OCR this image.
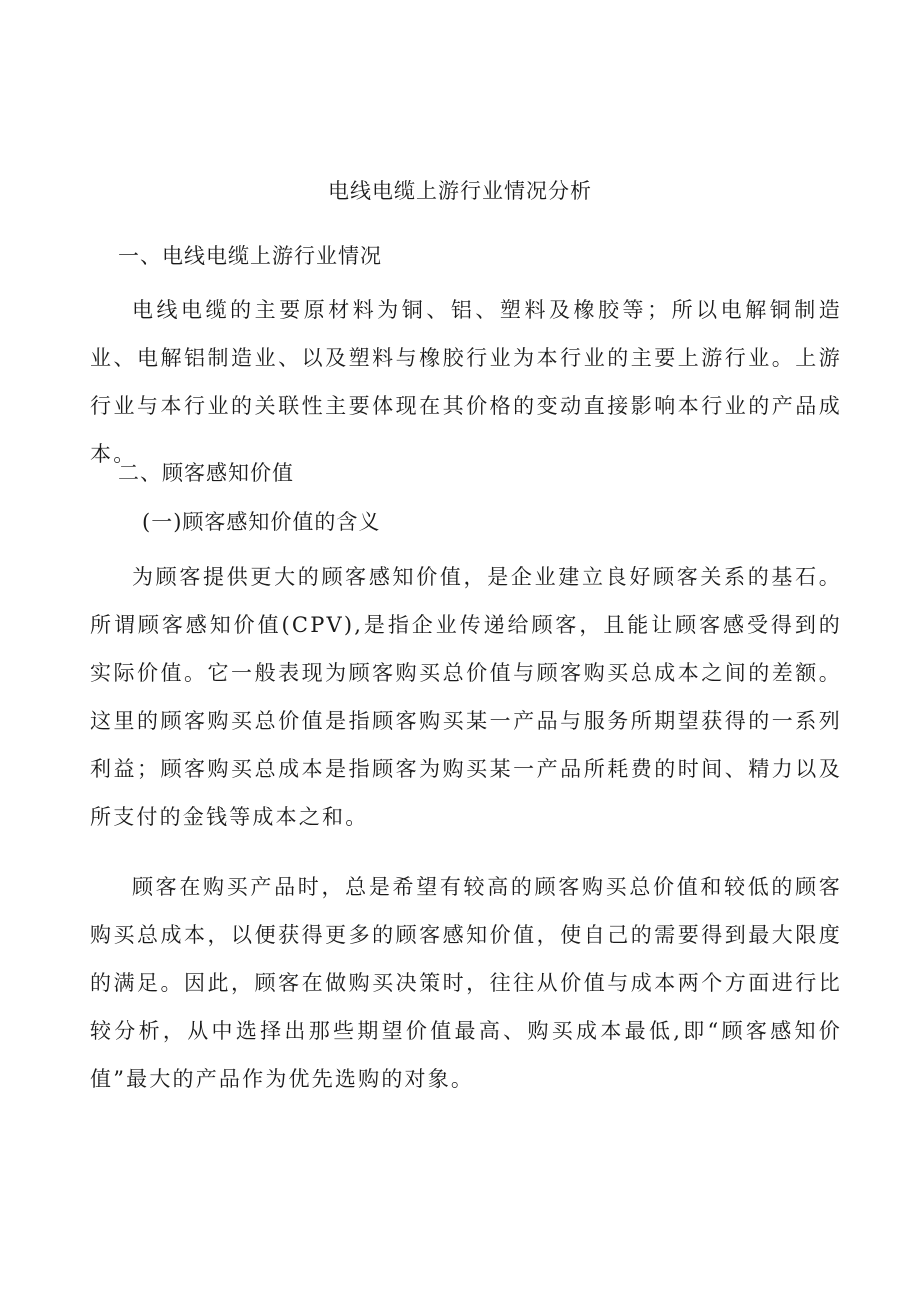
电线电缆上游行业情况分析
一、电线电缆上游行业情况

电线电缆的主要原材料为铜、铝、塑料及橡胶等；所以电解铜制造业、电解铝制造业、以及塑料与橡胶行业为本行业的主要上游行业。上游行业与本行业的关联性主要体现在其价格的变动直接影响本行业的产品成本。

二、顾客感知价值
(一)顾客感知价值的含义

为顾客提供更大的顾客感知价值，是企业建立良好顾客关系的基石。所谓顾客感知价值(CPV),是指企业传递给顾客，且能让顾客感受得到的实际价值。它一般表现为顾客购买总价值与顾客购买总成本之间的差额。这里的顾客购买总价值是指顾客购买某一产品与服务所期望获得的一系列利益；顾客购买总成本是指顾客为购买某一产品所耗费的时间、精力以及所支付的金钱等成本之和。

顾客在购买产品时，总是希望有较高的顾客购买总价值和较低的顾客购买总成本，以便获得更多的顾客感知价值，使自己的需要得到最大限度的满足。因此，顾客在做购买决策时，往往从价值与成本两个方面进行比较分析，从中选择出那些期望价值最高、购买成本最低,即“顾客感知价值”最大的产品作为优先选购的对象。
